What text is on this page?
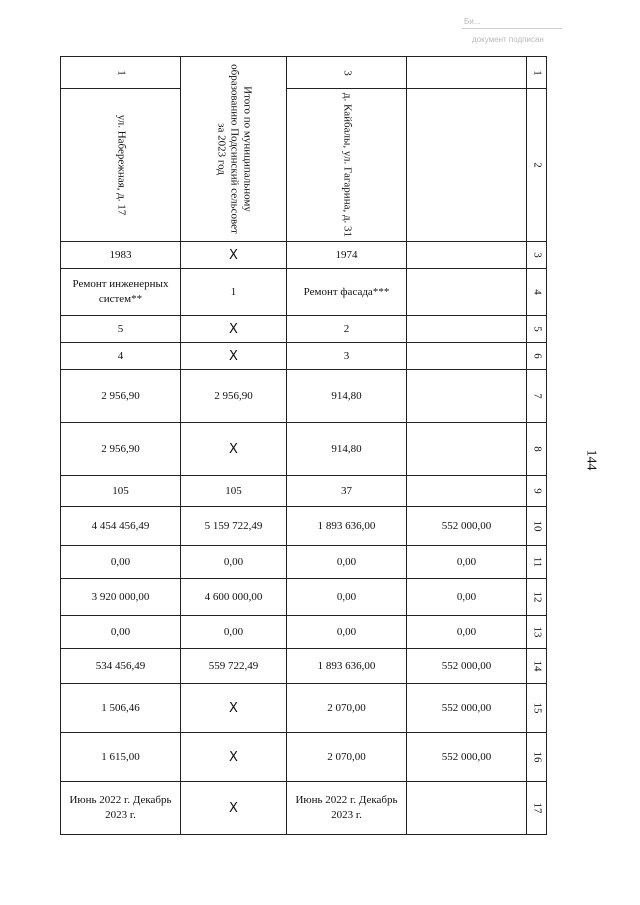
Би...
документ подписан
144
1	Итого по муниципальному образованию Подсинский сельсовет за 2023 год	3		1

ул. Набережная, д. 17		д. Кайбалы, ул. Гагарина, д. 31		2

1983	X	1974		3

Ремонт инженерных систем**	1	Ремонт фасада***		4

5	X	2		5

4	X	3		6

2 956,90	2 956,90	914,80		7

2 956,90	X	914,80		8

105	105	37		9

4 454 456,49	5 159 722,49	1 893 636,00	552 000,00	10

0,00	0,00	0,00	0,00	11

3 920 000,00	4 600 000,00	0,00	0,00	12

0,00	0,00	0,00	0,00	13

534 456,49	559 722,49	1 893 636,00	552 000,00	14

1 506,46	X	2 070,00	552 000,00	15

1 615,00	X	2 070,00	552 000,00	16

Июнь 2022 г. Декабрь 2023 г.	X	Июнь 2022 г. Декабрь 2023 г.		17
